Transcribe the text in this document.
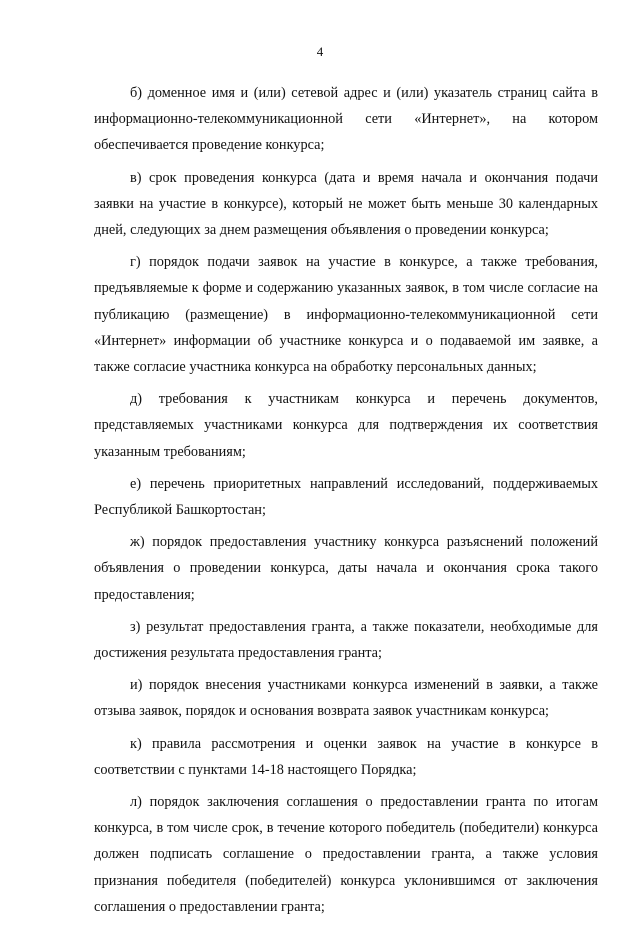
4

б) доменное имя и (или) сетевой адрес и (или) указатель страниц сайта в информационно-телекоммуникационной сети «Интернет», на котором обеспечивается проведение конкурса;

в) срок проведения конкурса (дата и время начала и окончания подачи заявки на участие в конкурсе), который не может быть меньше 30 календарных дней, следующих за днем размещения объявления о проведении конкурса;

г) порядок подачи заявок на участие в конкурсе, а также требования, предъявляемые к форме и содержанию указанных заявок, в том числе согласие на публикацию (размещение) в информационно-телекоммуникационной сети «Интернет» информации об участнике конкурса и о подаваемой им заявке, а также согласие участника конкурса на обработку персональных данных;

д) требования к участникам конкурса и перечень документов, представляемых участниками конкурса для подтверждения их соответствия указанным требованиям;

е) перечень приоритетных направлений исследований, поддерживаемых Республикой Башкортостан;

ж) порядок предоставления участнику конкурса разъяснений положений объявления о проведении конкурса, даты начала и окончания срока такого предоставления;

з) результат предоставления гранта, а также показатели, необходимые для достижения результата предоставления гранта;

и) порядок внесения участниками конкурса изменений в заявки, а также отзыва заявок, порядок и основания возврата заявок участникам конкурса;

к) правила рассмотрения и оценки заявок на участие в конкурсе в соответствии с пунктами 14-18 настоящего Порядка;

л) порядок заключения соглашения о предоставлении гранта по итогам конкурса, в том числе срок, в течение которого победитель (победители) конкурса должен подписать соглашение о предоставлении гранта, а также условия признания победителя (победителей) конкурса уклонившимся от заключения соглашения о предоставлении гранта;
